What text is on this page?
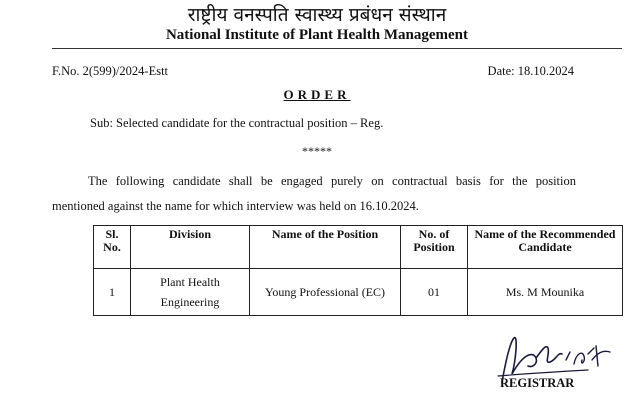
राष्ट्रीय वनस्पति स्वास्थ्य प्रबंधन संस्थान
National Institute of Plant Health Management
F.No. 2(599)/2024-Estt	Date: 18.10.2024
ORDER
Sub: Selected candidate for the contractual position – Reg.
*****
The following candidate shall be engaged purely on contractual basis for the position
mentioned against the name for which interview was held on 16.10.2024.
Sl. No.	Division	Name of the Position	No. of Position	Name of the Recommended Candidate
1	Plant Health Engineering	Young Professional (EC)	01	Ms. M Mounika
REGISTRAR
